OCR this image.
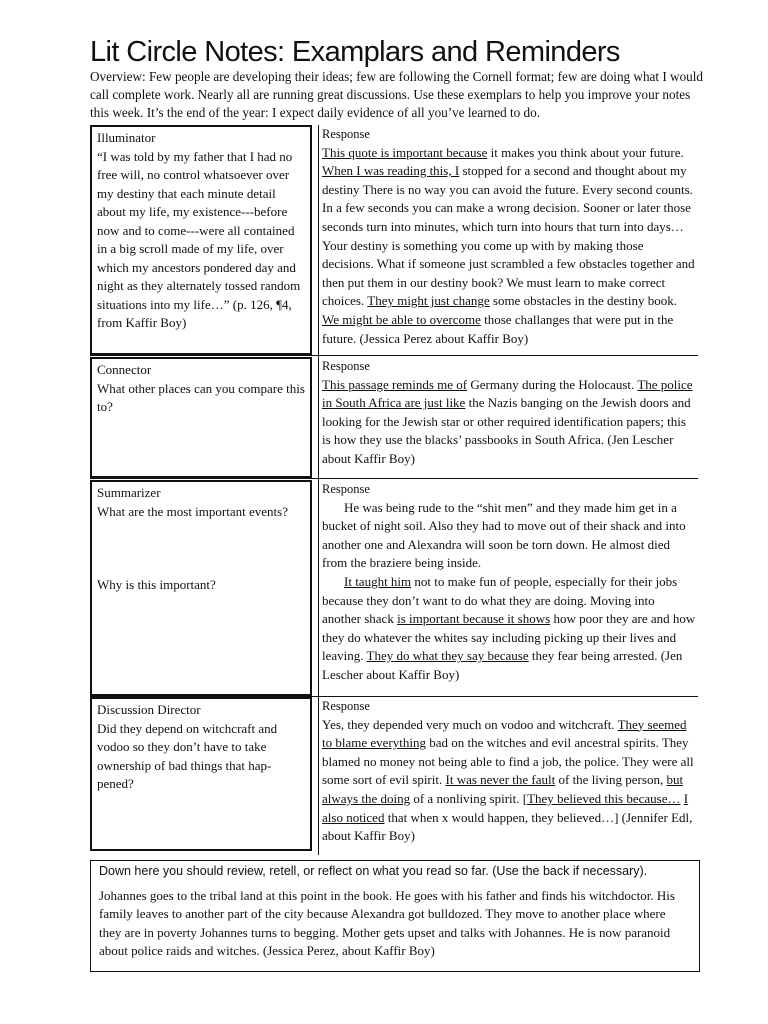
Lit Circle Notes: Examplars and Reminders

Overview: Few people are developing their ideas; few are following the Cornell format; few are doing what I would call complete work. Nearly all are running great discussions. Use these exemplars to help you improve your notes this week. It’s the end of the year: I expect daily evidence of all you’ve learned to do.

Illuminator
“I was told by my father that I had no free will, no control whatsoever over my destiny that each minute detail about my life, my existence---before now and to come---were all contained in a big scroll made of my life, over which my ancestors pondered day and night as they alternately tossed random situations into my life…” (p. 126, ¶4, from Kaffir Boy)
Response

This quote is important because it makes you think about your future. When I was reading this, I stopped for a second and thought about my destiny There is no way you can avoid the future. Every second counts. In a few seconds you can make a wrong decision. Sooner or later those seconds turn into minutes, which turn into hours that turn into days… Your destiny is something you come up with by making those decisions. What if someone just scrambled a few obstacles together and then put them in our destiny book? We must learn to make correct choices. They might just change some obstacles in the destiny book. We might be able to overcome those challanges that were put in the future. (Jessica Perez about Kaffir Boy)

Connector
What other places can you compare this to?
Response

This passage reminds me of Germany during the Holocaust. The police in South Africa are just like the Nazis banging on the Jewish doors and looking for the Jewish star or other required identification papers; this is how they use the blacks’ passbooks in South Africa. (Jen Lescher about Kaffir Boy)

Summarizer
What are the most important events?
Why is this important?
Response

He was being rude to the “shit men” and they made him get in a bucket of night soil. Also they had to move out of their shack and into another one and Alexandra will soon be torn down. He almost died from the braziere being inside.

It taught him not to make fun of people, especially for their jobs because they don’t want to do what they are doing. Moving into another shack is important because it shows how poor they are and how they do whatever the whites say including picking up their lives and leaving. They do what they say because they fear being arrested. (Jen Lescher about Kaffir Boy)

Discussion Director
Did they depend on witchcraft and vodoo so they don’t have to take ownership of bad things that hap-pened?
Response

Yes, they depended very much on vodoo and witchcraft. They seemed to blame everything bad on the witches and evil ancestral spirits. They blamed no money not being able to find a job, the police. They were all some sort of evil spirit. It was never the fault of the living person, but always the doing of a nonliving spirit. [They believed this because… I also noticed that when x would happen, they believed…] (Jennifer Edl, about Kaffir Boy)

Down here you should review, retell, or reflect on what you read so far. (Use the back if necessary).

Johannes goes to the tribal land at this point in the book. He goes with his father and finds his witchdoctor. His family leaves to another part of the city because Alexandra got bulldozed. They move to another place where they are in poverty Johannes turns to begging. Mother gets upset and talks with Johannes. He is now paranoid about police raids and witches. (Jessica Perez, about Kaffir Boy)
